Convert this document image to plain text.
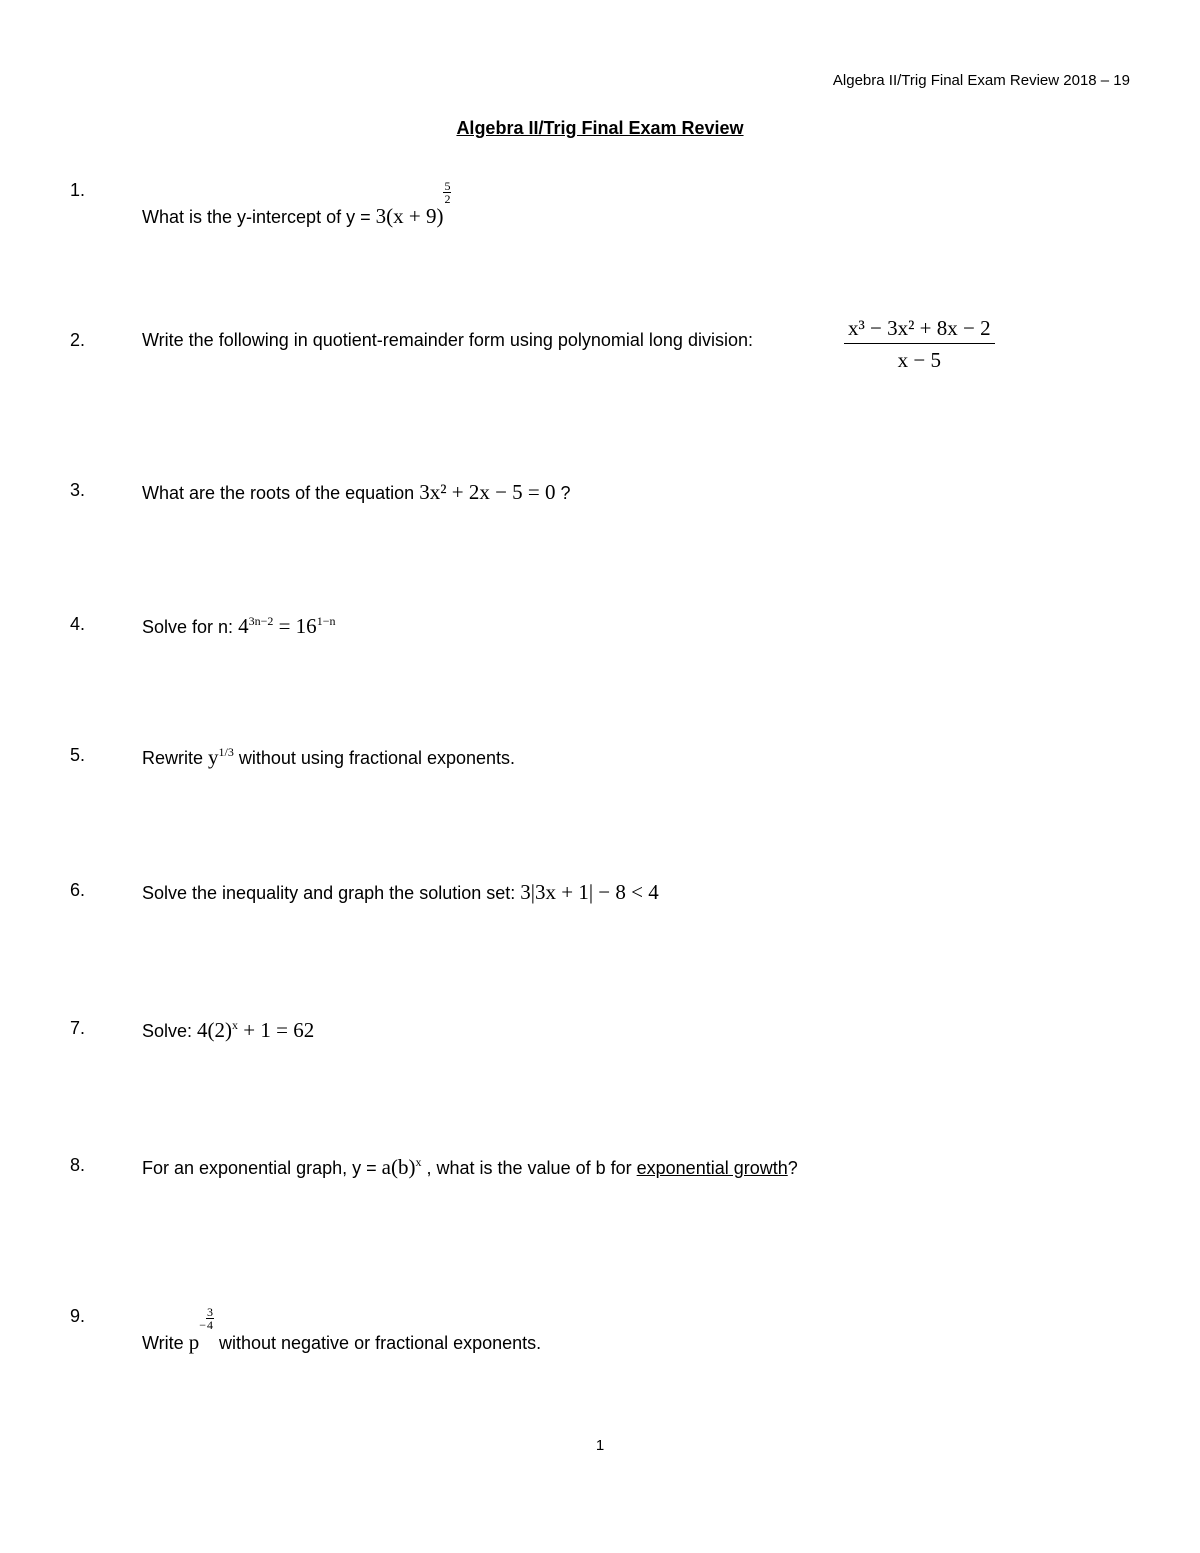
Algebra II/Trig Final Exam Review 2018 – 19
Algebra II/Trig Final Exam Review
1.
What is the y-intercept of y = 3(x + 9)
$\frac{5}{2}$
2.	Write the following in quotient-remainder form using polynomial long division:	$\frac{\text{x³ − 3x² + 8x − 2}}{x - 5}$
3.	What are the roots of the equation 3x² + 2x − 5 = 0 ?
4.	Solve for n: $4^{3n-2} = 16^{1-n}$
5.	Rewrite $y^{1/3}$ without using fractional exponents.
6.	Solve the inequality and graph the solution set: 3|3x + 1| − 8 < 4
7.	Solve: $4(2)^x + 1 = 62$
8.	For an exponential graph, $y = a(b)^x$ , what is the value of b for exponential growth?
9.
Write $p^- \frac{3}{4}$
without negative or fractional exponents.
1
